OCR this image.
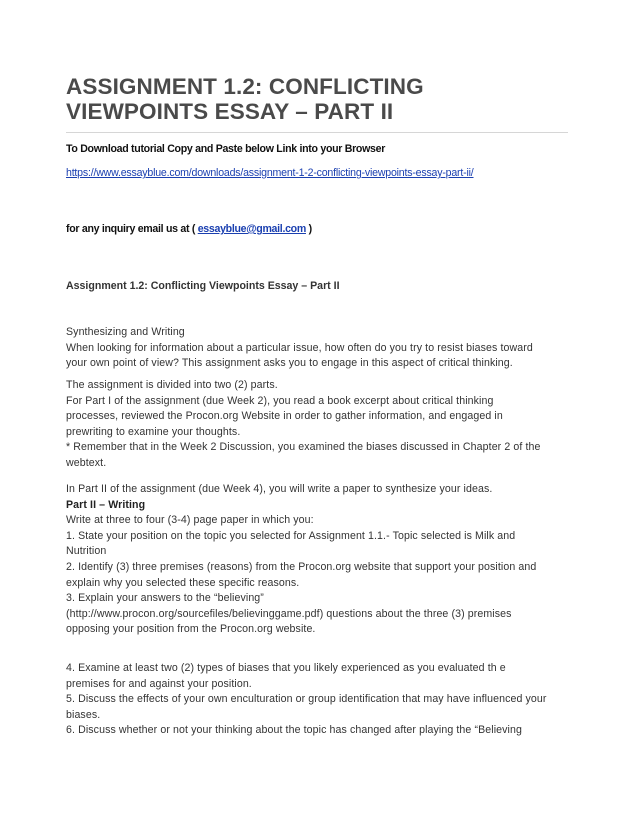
ASSIGNMENT 1.2: CONFLICTING
VIEWPOINTS ESSAY – PART II
To Download tutorial Copy and Paste below Link into your Browser
https://www.essayblue.com/downloads/assignment-1-2-conflicting-viewpoints-essay-part-ii/
for any inquiry email us at ( essayblue@gmail.com )
Assignment 1.2: Conflicting Viewpoints Essay – Part II
Synthesizing and Writing
When looking for information about a particular issue, how often do you try to resist biases toward
your own point of view? This assignment asks you to engage in this aspect of critical thinking.
The assignment is divided into two (2) parts.
For Part I of the assignment (due Week 2), you read a book excerpt about critical thinking
processes, reviewed the Procon.org Website in order to gather information, and engaged in
prewriting to examine your thoughts.
* Remember that in the Week 2 Discussion, you examined the biases discussed in Chapter 2 of the
webtext.
In Part II of the assignment (due Week 4), you will write a paper to synthesize your ideas.
Part II – Writing
Write at three to four (3-4) page paper in which you:
1. State your position on the topic you selected for Assignment 1.1.- Topic selected is Milk and
Nutrition
2. Identify (3) three premises (reasons) from the Procon.org website that support your position and
explain why you selected these specific reasons.
3. Explain your answers to the “believing”
(http://www.procon.org/sourcefiles/believinggame.pdf) questions about the three (3) premises
opposing your position from the Procon.org website.
4. Examine at least two (2) types of biases that you likely experienced as you evaluated th e
premises for and against your position.
5. Discuss the effects of your own enculturation or group identification that may have influenced your
biases.
6. Discuss whether or not your thinking about the topic has changed after playing the “Believing
